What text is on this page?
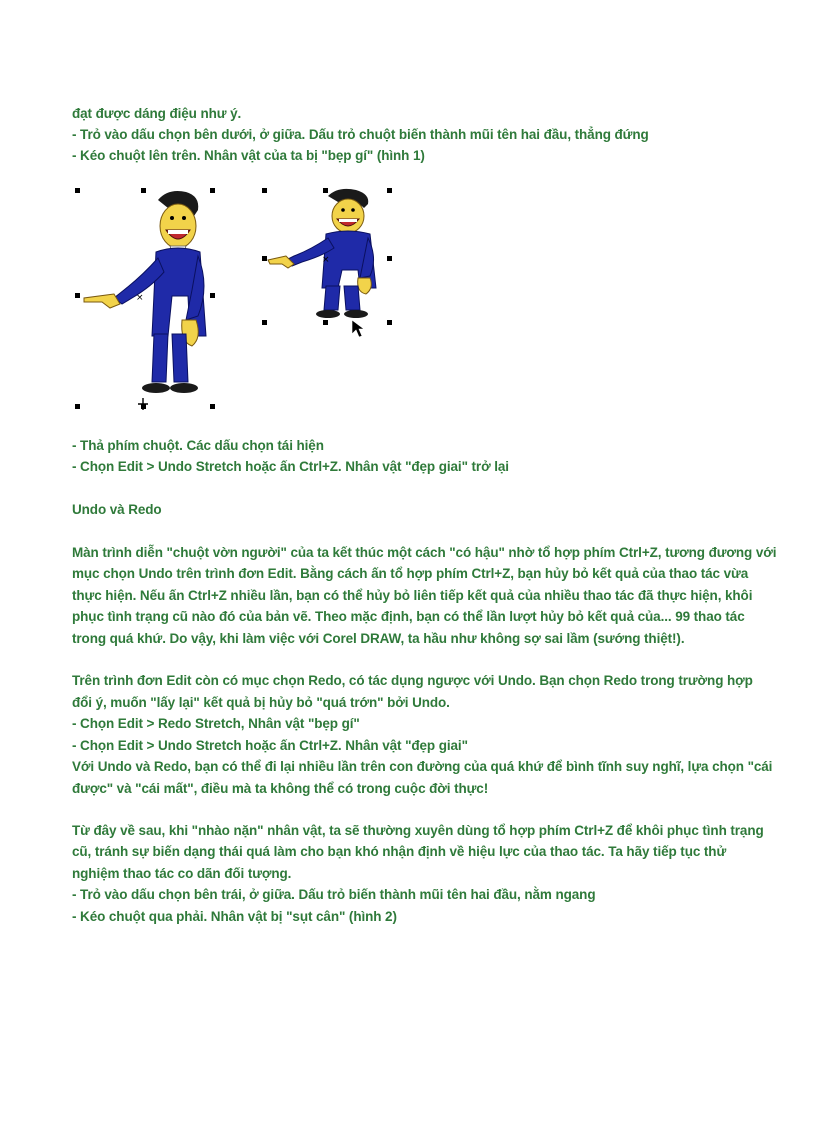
đạt được dáng điệu như ý.
- Trỏ vào dấu chọn bên dưới, ở giữa. Dấu trỏ chuột biến thành mũi tên hai đầu, thẳng đứng
- Kéo chuột lên trên. Nhân vật của ta bị "bẹp gí" (hình 1)
×
×
- Thả phím chuột. Các dấu chọn tái hiện
- Chọn Edit > Undo Stretch hoặc ấn Ctrl+Z. Nhân vật "đẹp giai" trở lại
Undo và Redo
Màn trình diễn "chuột vờn người" của ta kết thúc một cách "có hậu" nhờ tổ hợp phím Ctrl+Z, tương đương với
mục chọn Undo trên trình đơn Edit. Bằng cách ấn tổ hợp phím Ctrl+Z, bạn hủy bỏ kết quả của thao tác vừa
thực hiện. Nếu ấn Ctrl+Z nhiều lần, bạn có thể hủy bỏ liên tiếp kết quả của nhiều thao tác đã thực hiện, khôi
phục tình trạng cũ nào đó của bản vẽ. Theo mặc định, bạn có thể lần lượt hủy bỏ kết quả của... 99 thao tác
trong quá khứ. Do vậy, khi làm việc với Corel DRAW, ta hầu như không sợ sai lầm (sướng thiệt!).
Trên trình đơn Edit còn có mục chọn Redo, có tác dụng ngược với Undo. Bạn chọn Redo trong trường hợp
đổi ý, muốn "lấy lại" kết quả bị hủy bỏ "quá trớn" bởi Undo.
- Chọn Edit > Redo Stretch, Nhân vật "bẹp gí"
- Chọn Edit > Undo Stretch hoặc ấn Ctrl+Z. Nhân vật "đẹp giai"
Với Undo và Redo, bạn có thể đi lại nhiều lần trên con đường của quá khứ để bình tĩnh suy nghĩ, lựa chọn "cái
được" và "cái mất", điều mà ta không thể có trong cuộc đời thực!
Từ đây về sau, khi "nhào nặn" nhân vật, ta sẽ thường xuyên dùng tổ hợp phím Ctrl+Z để khôi phục tình trạng
cũ, tránh sự biến dạng thái quá làm cho bạn khó nhận định về hiệu lực của thao tác. Ta hãy tiếp tục thử
nghiệm thao tác co dãn đối tượng.
- Trỏ vào dấu chọn bên trái, ở giữa. Dấu trỏ biến thành mũi tên hai đầu, nằm ngang
- Kéo chuột qua phải. Nhân vật bị "sụt cân" (hình 2)
